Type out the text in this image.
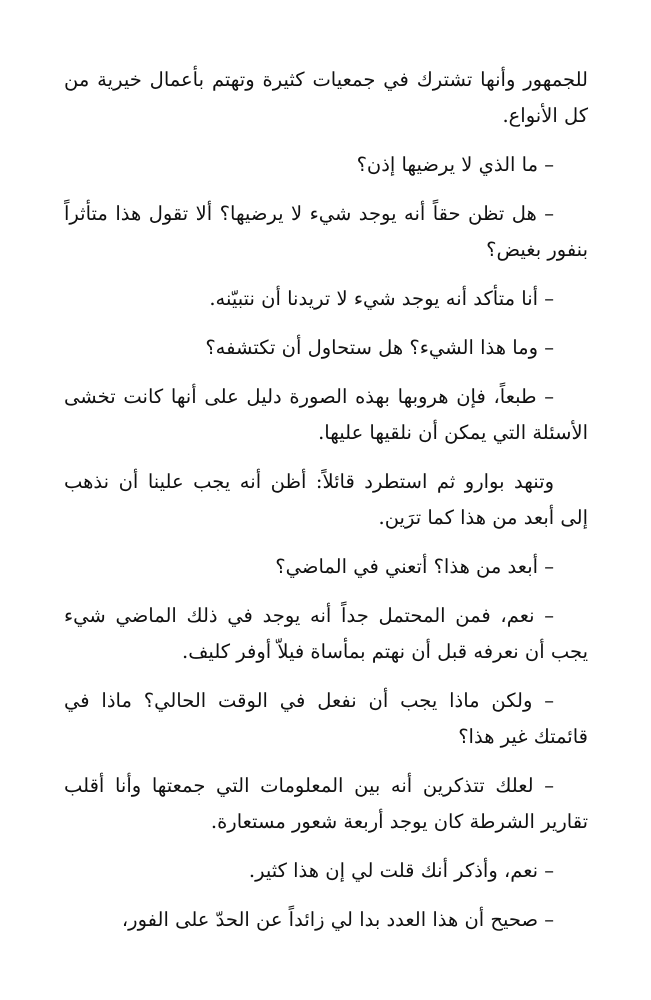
للجمهور وأنها تشترك في جمعيات كثيرة وتهتم بأعمال خيرية من كل الأنواع.

– ما الذي لا يرضيها إذن؟

– هل تظن حقاً أنه يوجد شيء لا يرضيها؟ ألا تقول هذا متأثراً بنفور بغيض؟

– أنا متأكد أنه يوجد شيء لا تريدنا أن نتبيّنه.

– وما هذا الشيء؟ هل ستحاول أن تكتشفه؟

– طبعاً، فإن هروبها بهذه الصورة دليل على أنها كانت تخشى الأسئلة التي يمكن أن نلقيها عليها.

وتنهد بوارو ثم استطرد قائلاً: أظن أنه يجب علينا أن نذهب إلى أبعد من هذا كما ترَين.

– أبعد من هذا؟ أتعني في الماضي؟

– نعم، فمن المحتمل جداً أنه يوجد في ذلك الماضي شيء يجب أن نعرفه قبل أن نهتم بمأساة فيلاّ أوفر كليف.

– ولكن ماذا يجب أن نفعل في الوقت الحالي؟ ماذا في قائمتك غير هذا؟

– لعلك تتذكرين أنه بين المعلومات التي جمعتها وأنا أقلب تقارير الشرطة كان يوجد أربعة شعور مستعارة.

– نعم، وأذكر أنك قلت لي إن هذا كثير.

– صحيح أن هذا العدد بدا لي زائداً عن الحدّ على الفور،
